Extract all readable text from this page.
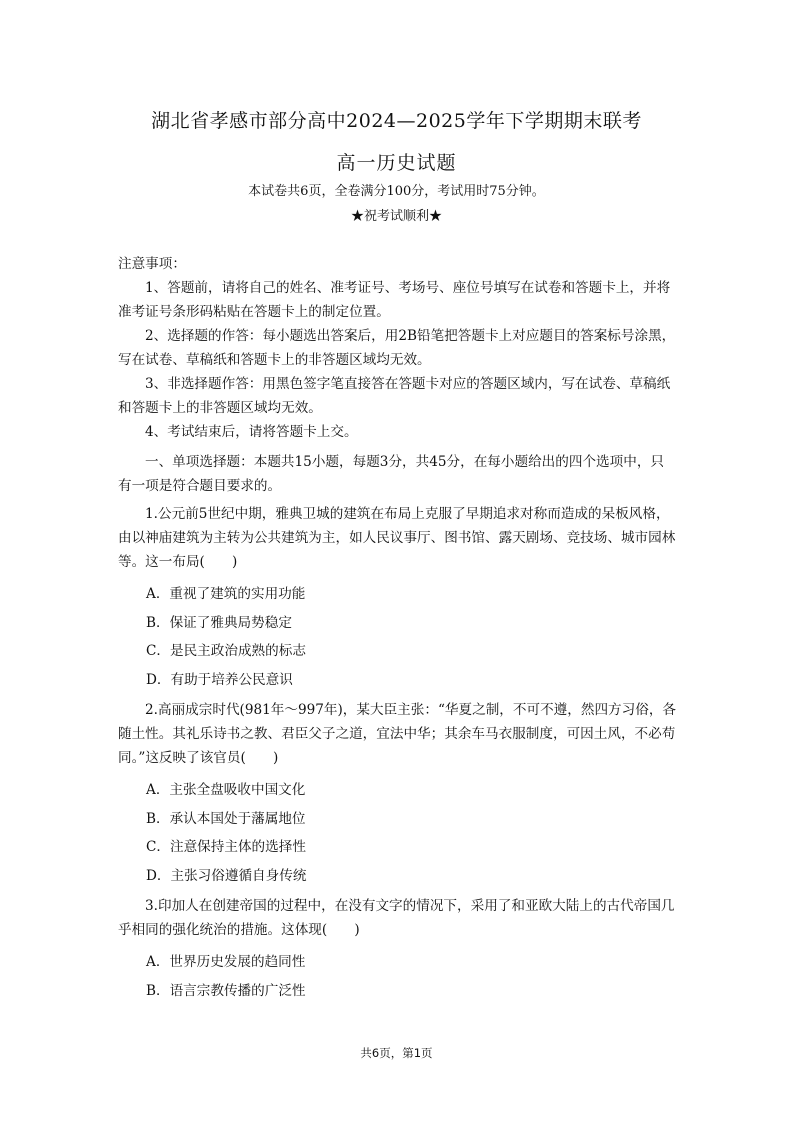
湖北省孝感市部分高中2024—2025学年下学期期末联考
高一历史试题
本试卷共6页，全卷满分100分，考试用时75分钟。
★祝考试顺利★
注意事项：

1、答题前，请将自己的姓名、准考证号、考场号、座位号填写在试卷和答题卡上，并将准考证号条形码粘贴在答题卡上的制定位置。

2、选择题的作答：每小题选出答案后，用2B铅笔把答题卡上对应题目的答案标号涂黑，写在试卷、草稿纸和答题卡上的非答题区域均无效。

3、非选择题作答：用黑色签字笔直接答在答题卡对应的答题区域内，写在试卷、草稿纸和答题卡上的非答题区域均无效。

4、考试结束后，请将答题卡上交。

一、单项选择题：本题共15小题，每题3分，共45分，在每小题给出的四个选项中，只有一项是符合题目要求的。

1.公元前5世纪中期，雅典卫城的建筑在布局上克服了早期追求对称而造成的呆板风格，由以神庙建筑为主转为公共建筑为主，如人民议事厅、图书馆、露天剧场、竞技场、城市园林等。这一布局(　　)

A．重视了建筑的实用功能
B．保证了雅典局势稳定
C．是民主政治成熟的标志
D．有助于培养公民意识

2.高丽成宗时代(981年～997年)，某大臣主张：“华夏之制，不可不遵，然四方习俗，各随土性。其礼乐诗书之教、君臣父子之道，宜法中华；其余车马衣服制度，可因土风，不必苟同。”这反映了该官员(　　)

A．主张全盘吸收中国文化
B．承认本国处于藩属地位
C．注意保持主体的选择性
D．主张习俗遵循自身传统

3.印加人在创建帝国的过程中，在没有文字的情况下，采用了和亚欧大陆上的古代帝国几乎相同的强化统治的措施。这体现(　　)

A．世界历史发展的趋同性
B．语言宗教传播的广泛性
共6页，第1页
